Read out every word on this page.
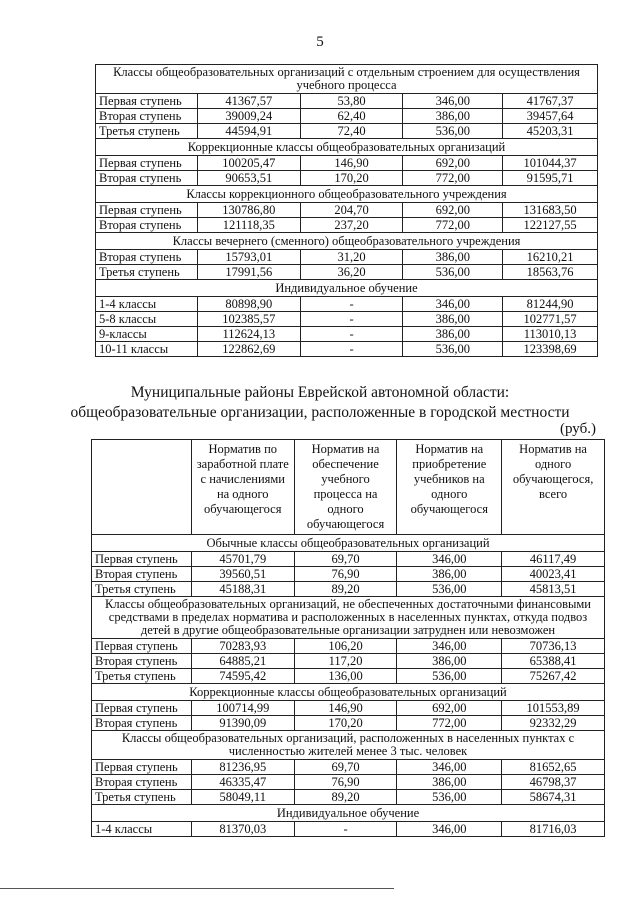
5
Классы общеобразовательных организаций с отдельным строением для осуществления учебного процесса				
Первая ступень	41367,57	53,80	346,00	41767,37
Вторая ступень	39009,24	62,40	386,00	39457,64
Третья ступень	44594,91	72,40	536,00	45203,31
Коррекционные классы общеобразовательных организаций				
Первая ступень	100205,47	146,90	692,00	101044,37
Вторая ступень	90653,51	170,20	772,00	91595,71
Классы коррекционного общеобразовательного учреждения				
Первая ступень	130786,80	204,70	692,00	131683,50
Вторая ступень	121118,35	237,20	772,00	122127,55
Классы вечернего (сменного) общеобразовательного учреждения				
Вторая ступень	15793,01	31,20	386,00	16210,21
Третья ступень	17991,56	36,20	536,00	18563,76
Индивидуальное обучение				
1-4 классы	80898,90	-	346,00	81244,90
5-8 классы	102385,57	-	386,00	102771,57
9-классы	112624,13	-	386,00	113010,13
10-11 классы	122862,69	-	536,00	123398,69
Муниципальные районы Еврейской автономной области:
общеобразовательные организации, расположенные в городской местности
(руб.)
	Норматив по заработной плате с начислениями на одного обучающегося	Норматив на обеспечение учебного процесса на одного обучающегося	Норматив на приобретение учебников на одного обучающегося	Норматив на одного обучающегося, всего
Обычные классы общеобразовательных организаций				
Первая ступень	45701,79	69,70	346,00	46117,49
Вторая ступень	39560,51	76,90	386,00	40023,41
Третья ступень	45188,31	89,20	536,00	45813,51
Классы общеобразовательных организаций, не обеспеченных достаточными финансовыми средствами в пределах норматива и расположенных в населенных пунктах, откуда подвоз детей в другие общеобразовательные организации затруднен или невозможен				
Первая ступень	70283,93	106,20	346,00	70736,13
Вторая ступень	64885,21	117,20	386,00	65388,41
Третья ступень	74595,42	136,00	536,00	75267,42
Коррекционные классы общеобразовательных организаций				
Первая ступень	100714,99	146,90	692,00	101553,89
Вторая ступень	91390,09	170,20	772,00	92332,29
Классы общеобразовательных организаций, расположенных в населенных пунктах с численностью жителей менее 3 тыс. человек				
Первая ступень	81236,95	69,70	346,00	81652,65
Вторая ступень	46335,47	76,90	386,00	46798,37
Третья ступень	58049,11	89,20	536,00	58674,31
Индивидуальное обучение				
1-4 классы	81370,03	-	346,00	81716,03
